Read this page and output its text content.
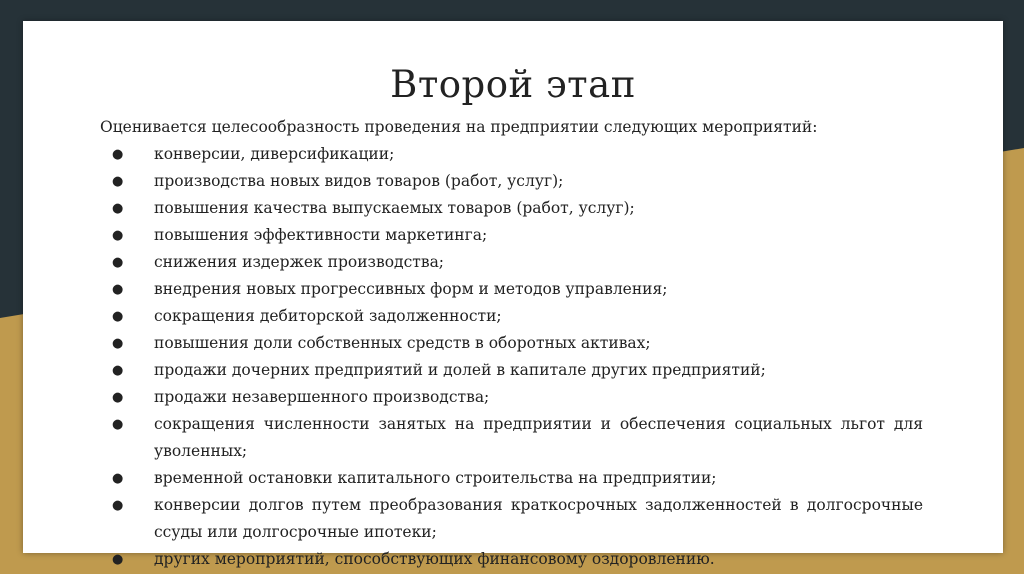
Второй этап

Оценивается целесообразность проведения на предприятии следующих мероприятий:

● конверсии, диверсификации;
● производства новых видов товаров (работ, услуг);
● повышения качества выпускаемых товаров (работ, услуг);
● повышения эффективности маркетинга;
● снижения издержек производства;
● внедрения новых прогрессивных форм и методов управления;
● сокращения дебиторской задолженности;
● повышения доли собственных средств в оборотных активах;
● продажи дочерних предприятий и долей в капитале других предприятий;
● продажи незавершенного производства;
● сокращения численности занятых на предприятии и обеспечения социальных льгот для уволенных;
● временной остановки капитального строительства на предприятии;
● конверсии долгов путем преобразования краткосрочных задолженностей в долгосрочные ссуды или долгосрочные ипотеки;
● других мероприятий, способствующих финансовому оздоровлению.
